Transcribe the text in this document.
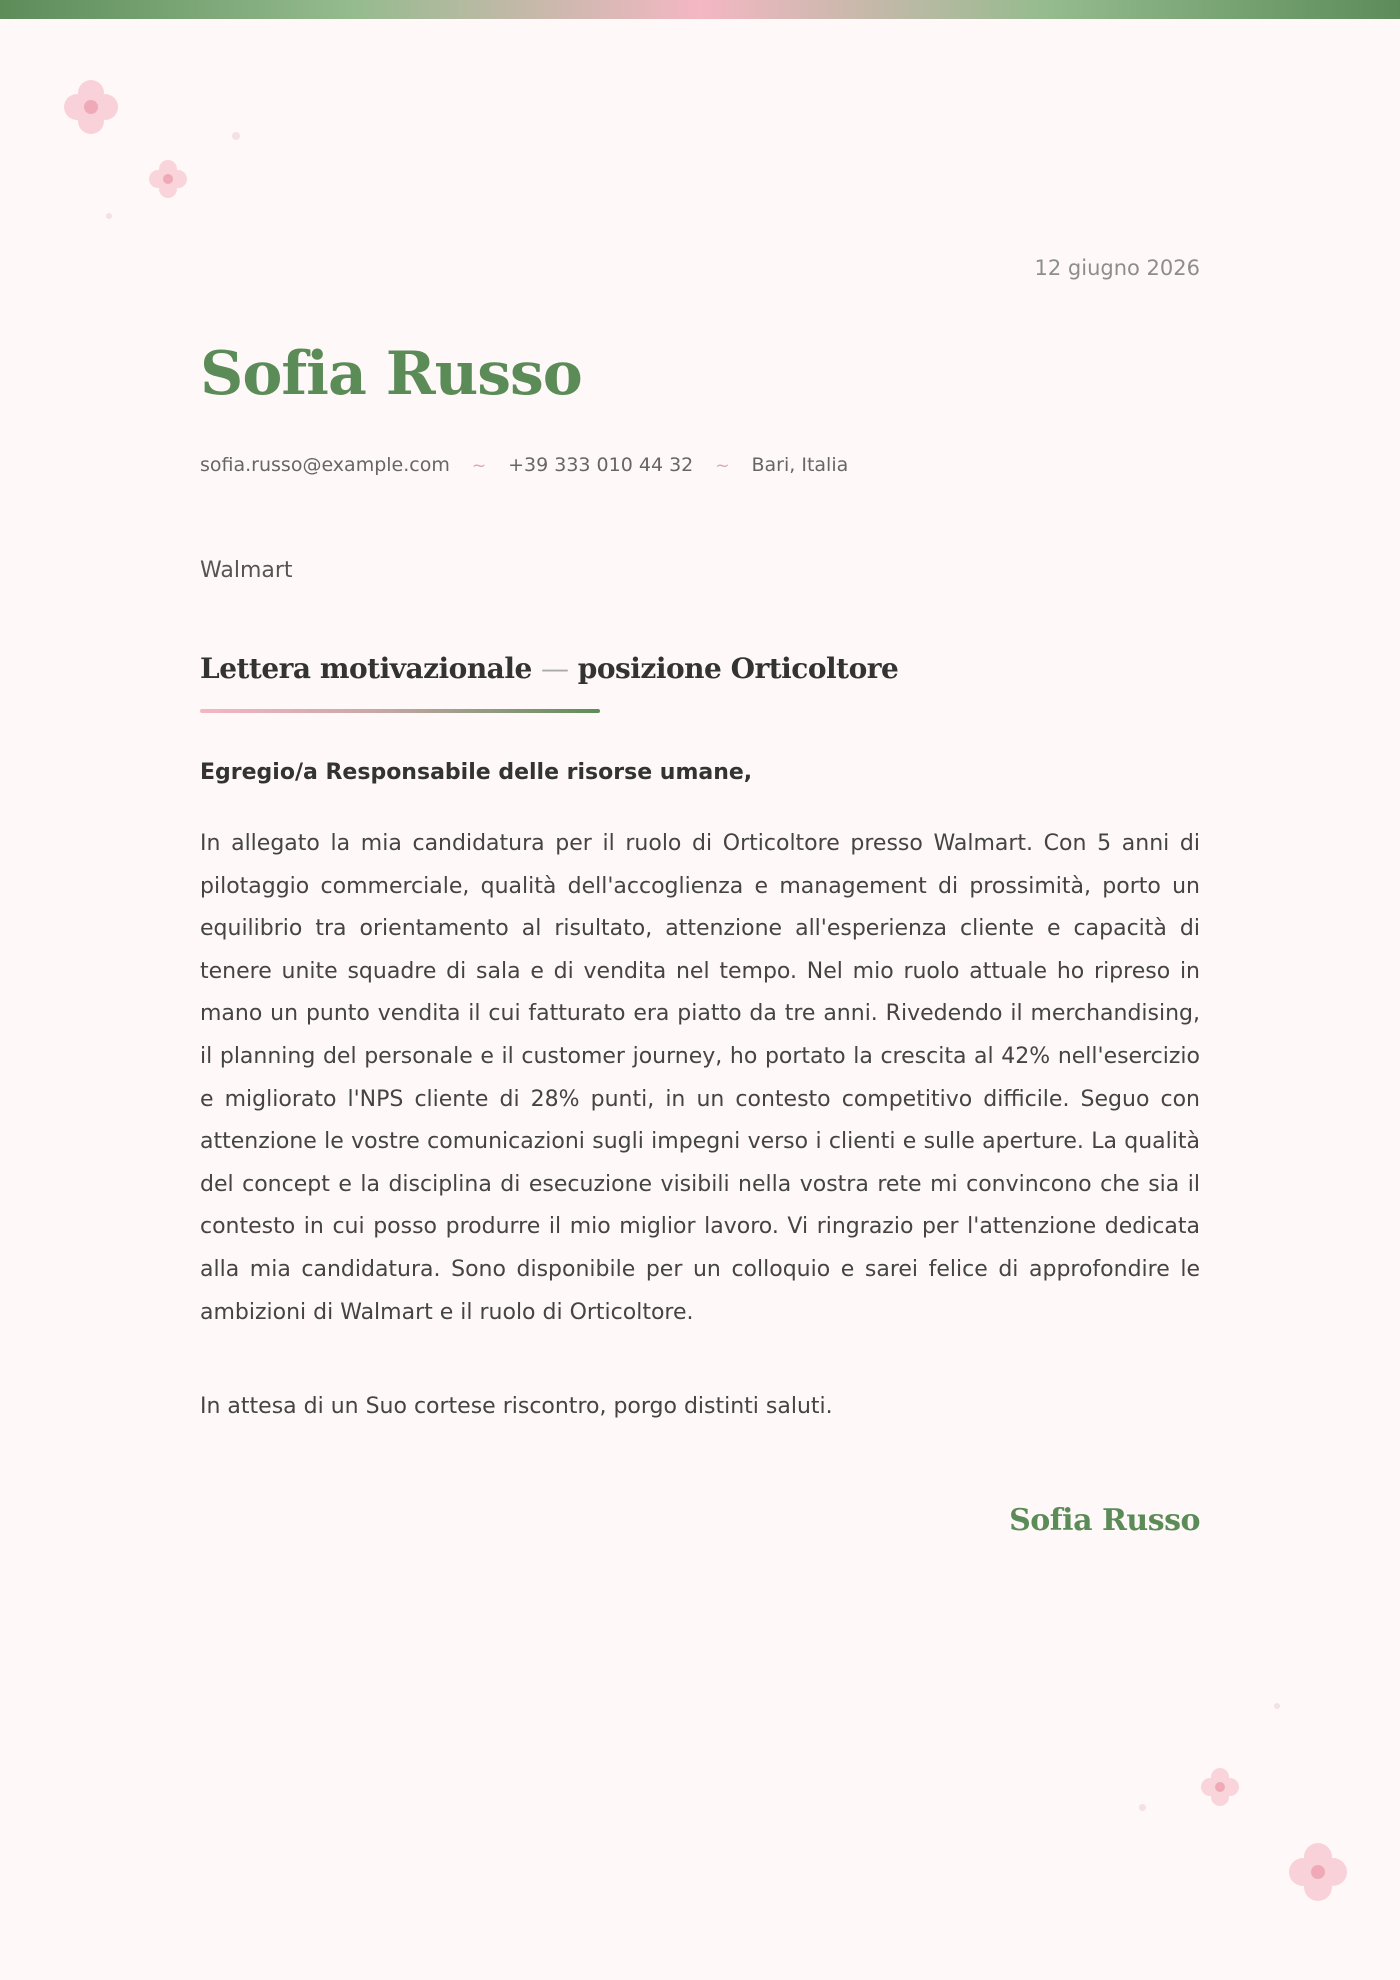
12 giugno 2026
Sofia Russo
sofia.russo@example.com ~ +39 333 010 44 32 ~ Bari, Italia
Walmart
Lettera motivazionale — posizione Orticoltore
Egregio/a Responsabile delle risorse umane,

In allegato la mia candidatura per il ruolo di Orticoltore presso Walmart. Con 5 anni di pilotaggio commerciale, qualità dell'accoglienza e management di prossimità, porto un equilibrio tra orientamento al risultato, attenzione all'esperienza cliente e capacità di tenere unite squadre di sala e di vendita nel tempo. Nel mio ruolo attuale ho ripreso in mano un punto vendita il cui fatturato era piatto da tre anni. Rivedendo il merchandising, il planning del personale e il customer journey, ho portato la crescita al 42% nell'esercizio e migliorato l'NPS cliente di 28% punti, in un contesto competitivo difficile. Seguo con attenzione le vostre comunicazioni sugli impegni verso i clienti e sulle aperture. La qualità del concept e la disciplina di esecuzione visibili nella vostra rete mi convincono che sia il contesto in cui posso produrre il mio miglior lavoro. Vi ringrazio per l'attenzione dedicata alla mia candidatura. Sono disponibile per un colloquio e sarei felice di approfondire le ambizioni di Walmart e il ruolo di Orticoltore.

In attesa di un Suo cortese riscontro, porgo distinti saluti.
Sofia Russo
